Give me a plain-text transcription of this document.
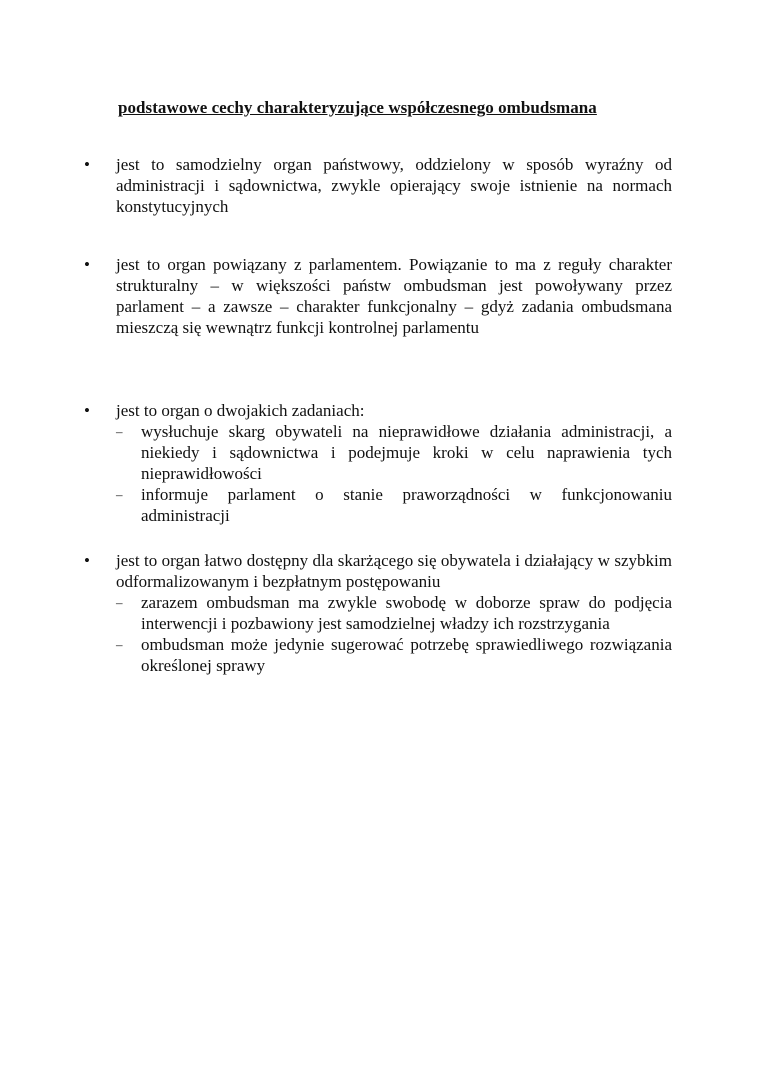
podstawowe cechy charakteryzujące współczesnego ombudsmana
•	jest to samodzielny organ państwowy, oddzielony w sposób wyraźny od administracji i sądownictwa, zwykle opierający swoje istnienie na normach konstytucyjnych
•	jest to organ powiązany z parlamentem. Powiązanie to ma z reguły charakter strukturalny – w większości państw ombudsman jest powoływany przez parlament – a zawsze – charakter funkcjonalny – gdyż zadania ombudsmana mieszczą się wewnątrz funkcji kontrolnej parlamentu
•	jest to organ o dwojakich zadaniach:
– wysłuchuje skarg obywateli na nieprawidłowe działania administracji, a niekiedy i sądownictwa i podejmuje kroki w celu naprawienia tych nieprawidłowości
– informuje parlament o stanie praworządności w funkcjonowaniu administracji
•	jest to organ łatwo dostępny dla skarżącego się obywatela i działający w szybkim odformalizowanym i bezpłatnym postępowaniu
– zarazem ombudsman ma zwykle swobodę w doborze spraw do podjęcia interwencji i pozbawiony jest samodzielnej władzy ich rozstrzygania
– ombudsman może jedynie sugerować potrzebę sprawiedliwego rozwiązania określonej sprawy
